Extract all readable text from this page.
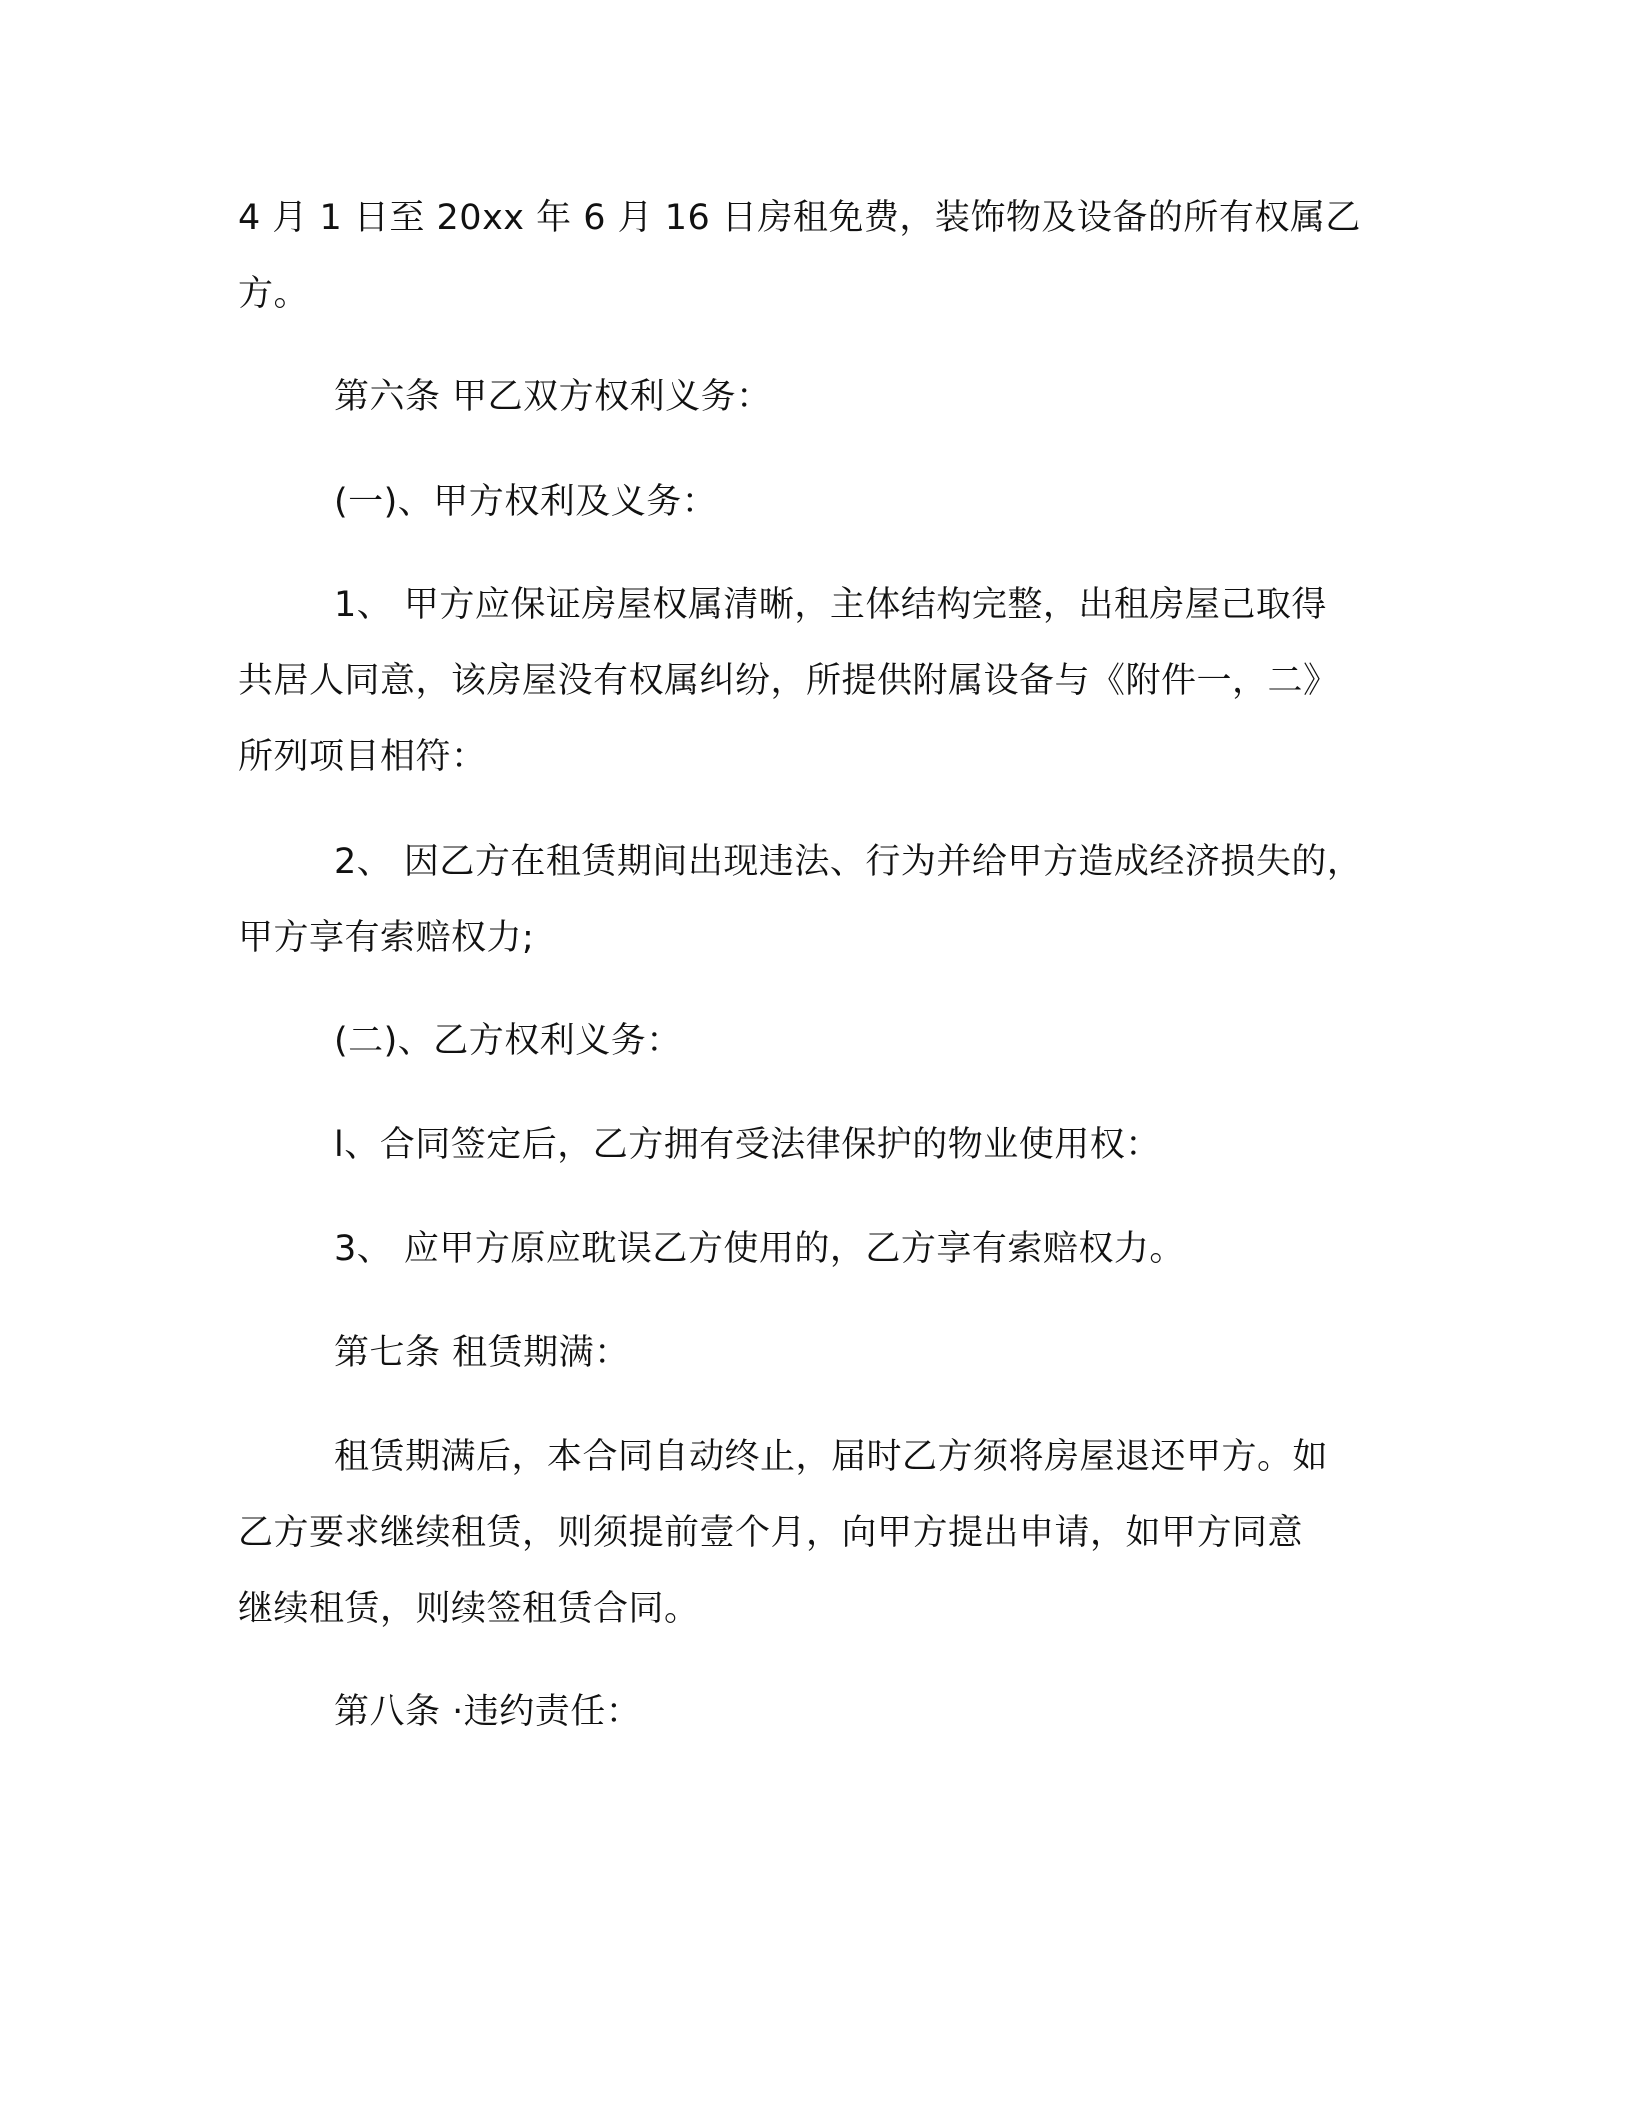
4 月 1 日至 20xx 年 6 月 16 日房租免费，装饰物及设备的所有权属乙
方。
第六条 甲乙双方权利义务：
(一)、甲方权利及义务：
1、 甲方应保证房屋权属清晰，主体结构完整，出租房屋己取得
共居人同意，该房屋没有权属纠纷，所提供附属设备与《附件一，二》
所列项目相符：
2、 因乙方在租赁期间出现违法、行为并给甲方造成经济损失的，
甲方享有索赔权力;
(二)、乙方权利义务：
l、合同签定后，乙方拥有受法律保护的物业使用权：
3、 应甲方原应耽误乙方使用的，乙方享有索赔权力。
第七条 租赁期满：
租赁期满后，本合同自动终止，届时乙方须将房屋退还甲方。如
乙方要求继续租赁，则须提前壹个月，向甲方提出申请，如甲方同意
继续租赁，则续签租赁合同。
第八条 ·违约责任：
